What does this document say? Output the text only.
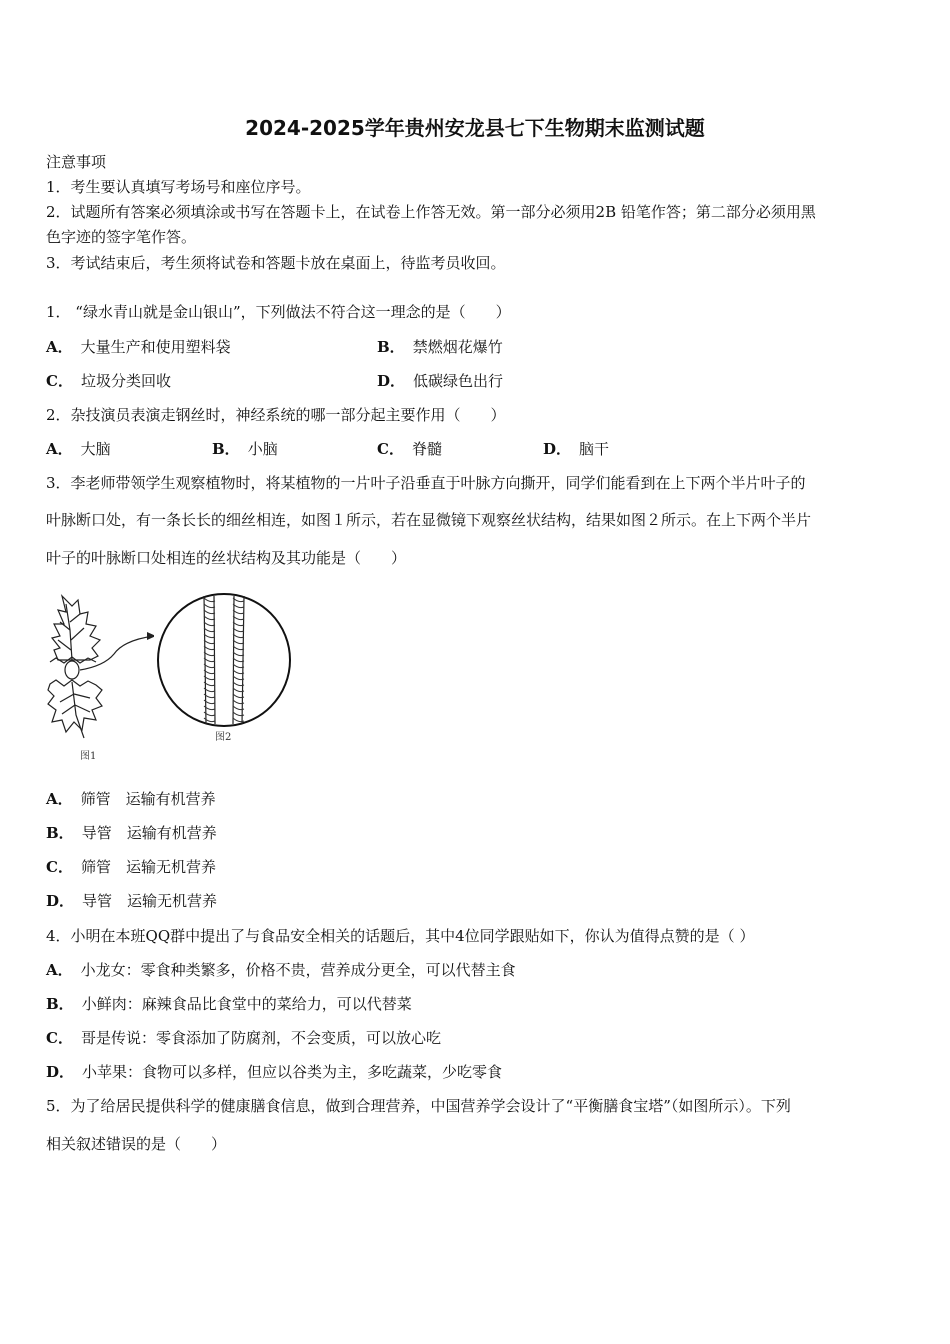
2024-2025学年贵州安龙县七下生物期末监测试题
注意事项
1．考生要认真填写考场号和座位序号。
2．试题所有答案必须填涂或书写在答题卡上，在试卷上作答无效。第一部分必须用2B 铅笔作答；第二部分必须用黑
色字迹的签字笔作答。
3．考试结束后，考生须将试卷和答题卡放在桌面上，待监考员收回。
1． “绿水青山就是金山银山”，下列做法不符合这一理念的是（　　）
A． 大量生产和使用塑料袋	B． 禁燃烟花爆竹
C． 垃圾分类回收	D． 低碳绿色出行
2．杂技演员表演走钢丝时，神经系统的哪一部分起主要作用（　　）
A． 大脑	B． 小脑	C． 脊髓	D． 脑干
3．李老师带领学生观察植物时，将某植物的一片叶子沿垂直于叶脉方向撕开，同学们能看到在上下两个半片叶子的
叶脉断口处，有一条长长的细丝相连，如图１所示，若在显微镜下观察丝状结构，结果如图２所示。在上下两个半片
叶子的叶脉断口处相连的丝状结构及其功能是（　　）
图1
图2
A． 筛管　运输有机营养
B． 导管　运输有机营养
C． 筛管　运输无机营养
D． 导管　运输无机营养
4．小明在本班QQ群中提出了与食品安全相关的话题后，其中4位同学跟贴如下，你认为值得点赞的是（ ）
A． 小龙女：零食种类繁多，价格不贵，营养成分更全，可以代替主食
B． 小鲜肉：麻辣食品比食堂中的菜给力，可以代替菜
C． 哥是传说：零食添加了防腐剂，不会变质，可以放心吃
D． 小苹果：食物可以多样，但应以谷类为主，多吃蔬菜，少吃零食
5．为了给居民提供科学的健康膳食信息，做到合理营养，中国营养学会设计了“平衡膳食宝塔”（如图所示）。下列
相关叙述错误的是（　　）
